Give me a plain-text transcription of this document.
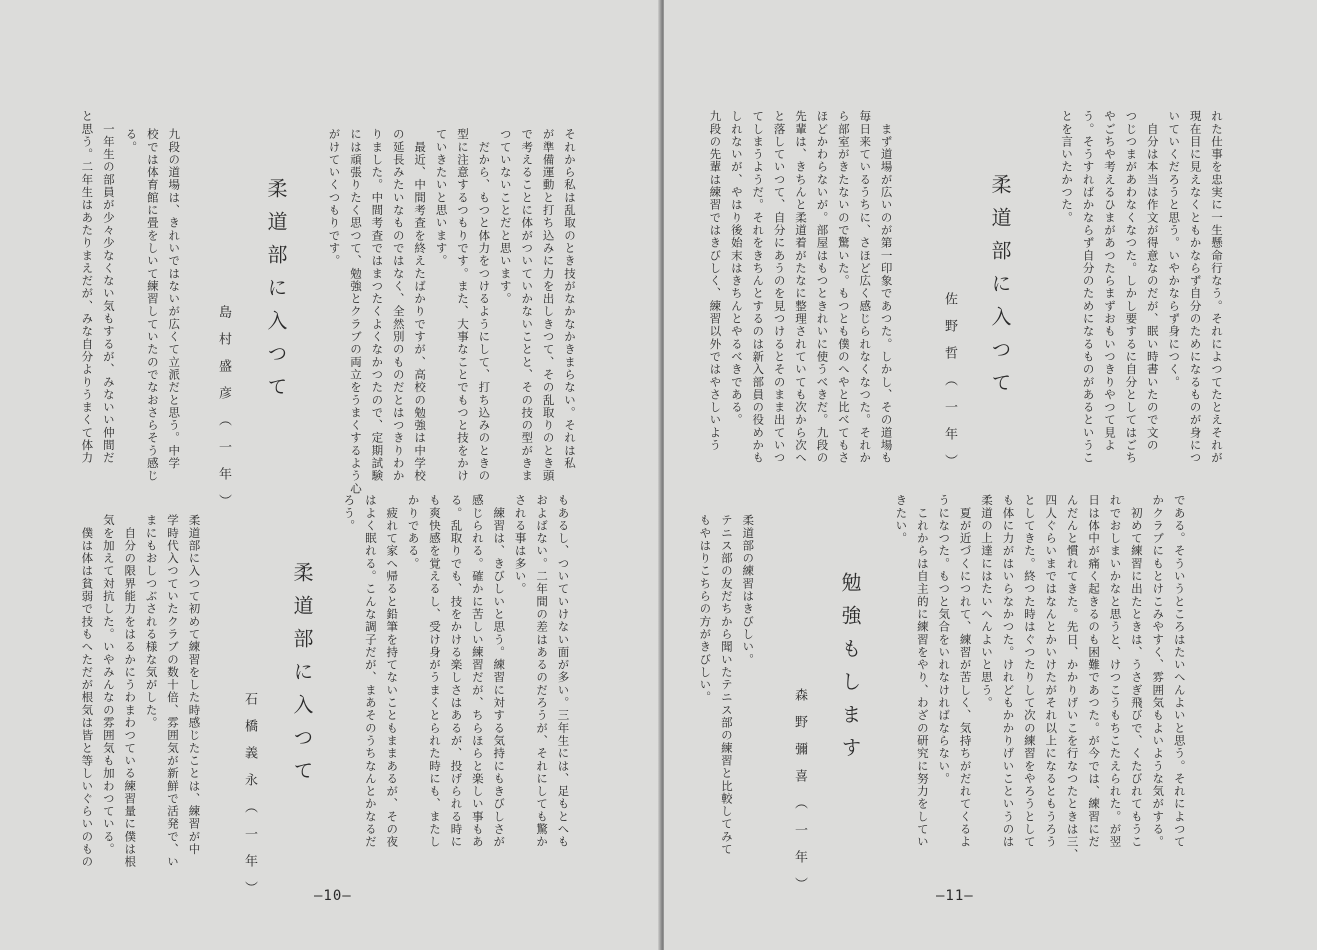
それから私は乱取のとき技がなかなかきまらない。それは私
が準備運動と打ち込みに力を出しきつて、その乱取りのとき頭
で考えることに体がついていかないことと、その技の型がきま
つていないことだと思います。
　だから、もつと体力をつけるようにして、打ち込みのときの
型に注意するつもりです。また、大事なことでもつと技をかけ
ていきたいと思います。
　最近、中間考査を終えたばかりですが、高校の勉強は中学校
の延長みたいなものではなく、全然別のものだとはつきりわか
りました。中間考査ではまつたくよくなかつたので、定期試験
には頑張りたく思つて、勉強とクラブの両立をうまくするよう心
がけていくつもりです。
柔道部に入つて
島村盛彦（一年）
九段の道場は、きれいではないが広くて立派だと思う。中学
校では体育館に畳をしいて練習していたのでなおさらそう感じ
る。
　一年生の部員が少々少なくない気もするが、みないい仲間だ
と思う。二年生はあたりまえだが、みな自分よりうまくて体力
もあるし、ついていけない面が多い。三年生には、足もとへも
およばない。二年間の差はあるのだろうが、それにしても驚か
される事は多い。
　練習は、きびしいと思う。練習に対する気持にもきびしさが
感じられる。確かに苦しい練習だが、ちらほらと楽しい事もあ
る。乱取りでも、技をかける楽しさはあるが、投げられる時に
も爽快感を覚えるし、受け身がうまくとられた時にも、またし
かりである。
　疲れて家へ帰ると鉛筆を持てないこともままあるが、その夜
はよく眠れる。こんな調子だが、まあそのうちなんとかなるだ
ろう。
柔道部に入つて
石橋義永（一年）
柔道部に入つて初めて練習をした時感じたことは、練習が中
学時代入つていたクラブの数十倍、雰囲気が新鮮で活発で、い
まにもおしつぶされる様な気がした。
　自分の限界能力をはるかにうわまわつている練習量に僕は根
気を加えて対抗した。いやみんなの雰囲気も加わつている。
　僕は体は貧弱で技もへただが根気は皆と等しいぐらいのもの
—10—
れた仕事を忠実に一生懸命行なう。それによつてたとえそれが
現在目に見えなくともかならず自分のためになるものが身につ
いていくだろうと思う。いやかならず身につく。
　自分は本当は作文が得意なのだが、眠い時書いたので文の
つじつまがあわなくなつた。しかし要するに自分としてはごち
やごちや考えるひまがあつたらまずおもいつきりやつて見よ
う。そうすればかならず自分のためになるものがあるというこ
とを言いたかつた。
柔道部に入つて
佐野哲（一年）
　まず道場が広いのが第一印象であつた。しかし、その道場も
毎日来ているうちに、さほど広く感じられなくなつた。それか
ら部室がきたないので驚いた。もつとも僕のへやと比べてもさ
ほどかわらないが。部屋はもつときれいに使うべきだ。九段の
先輩は、きちんと柔道着がたなに整理されていても次から次へ
と落していつて、自分にあうのを見つけるとそのまま出ていつ
てしまうようだ。それをきちんとするのは新入部員の役めかも
しれないが、やはり後始末はきちんとやるべきである。
九段の先輩は練習ではきびしく、練習以外ではやさしいよう
である。そういうところはたいへんよいと思う。それによつて
かクラブにもとけこみやすく、雰囲気もよいような気がする。
　初めて練習に出たときは、うさぎ飛びで、くたびれてもうこ
れでおしまいかなと思うと、けつこうもちこたえられた。が翌
日は体中が痛く起きるのも困難であつた。が今では、練習にだ
んだんと慣れてきた。先日、かかりげいこを行なつたときは三、
四人ぐらいまではなんとかいけたがそれ以上になるともうろう
としてきた。終つた時はぐつたりして次の練習をやろうとして
も体に力がはいらなかつた。けれどもかかりげいこというのは
柔道の上達にはたいへんよいと思う。
　夏が近づくにつれて、練習が苦しく、気持ちがだれてくるよ
うになつた。もつと気合をいれなければならない。
　これからは自主的に練習をやり、わざの研究に努力をしてい
きたい。
勉強もします
森野彌喜（一年）
柔道部の練習はきびしい。
テニス部の友だちから聞いたテニス部の練習と比較してみて
もやはりこちらの方がきびしい。
—11—
